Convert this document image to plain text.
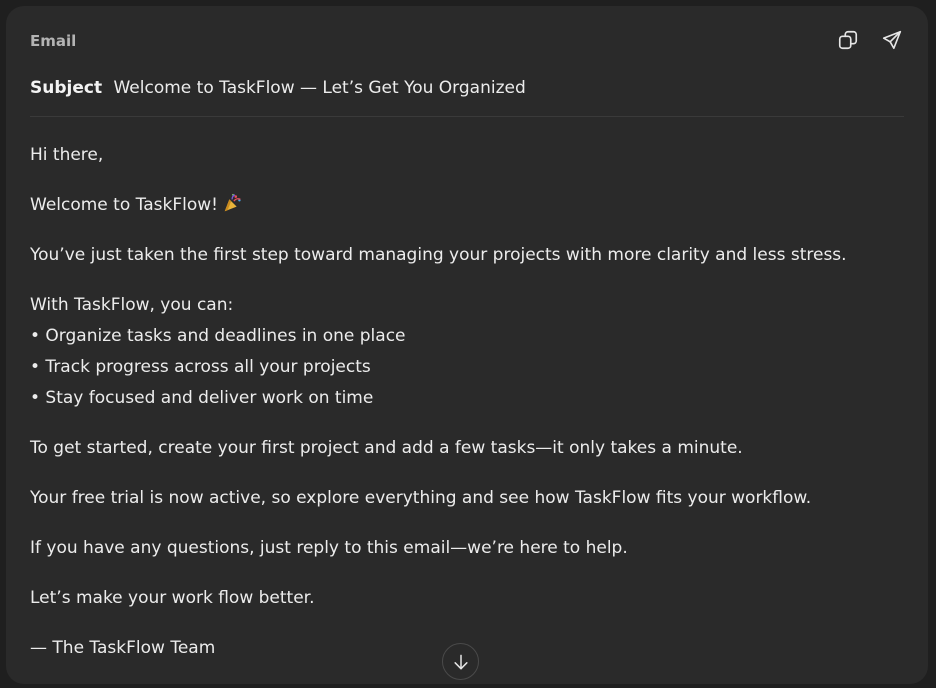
Email
Subject Welcome to TaskFlow — Let’s Get You Organized

Hi there,

Welcome to TaskFlow!

You’ve just taken the first step toward managing your projects with more clarity and less stress.

With TaskFlow, you can:

• Organize tasks and deadlines in one place
• Track progress across all your projects
• Stay focused and deliver work on time

To get started, create your first project and add a few tasks—it only takes a minute.

Your free trial is now active, so explore everything and see how TaskFlow fits your workflow.

If you have any questions, just reply to this email—we’re here to help.

Let’s make your work flow better.

— The TaskFlow Team
